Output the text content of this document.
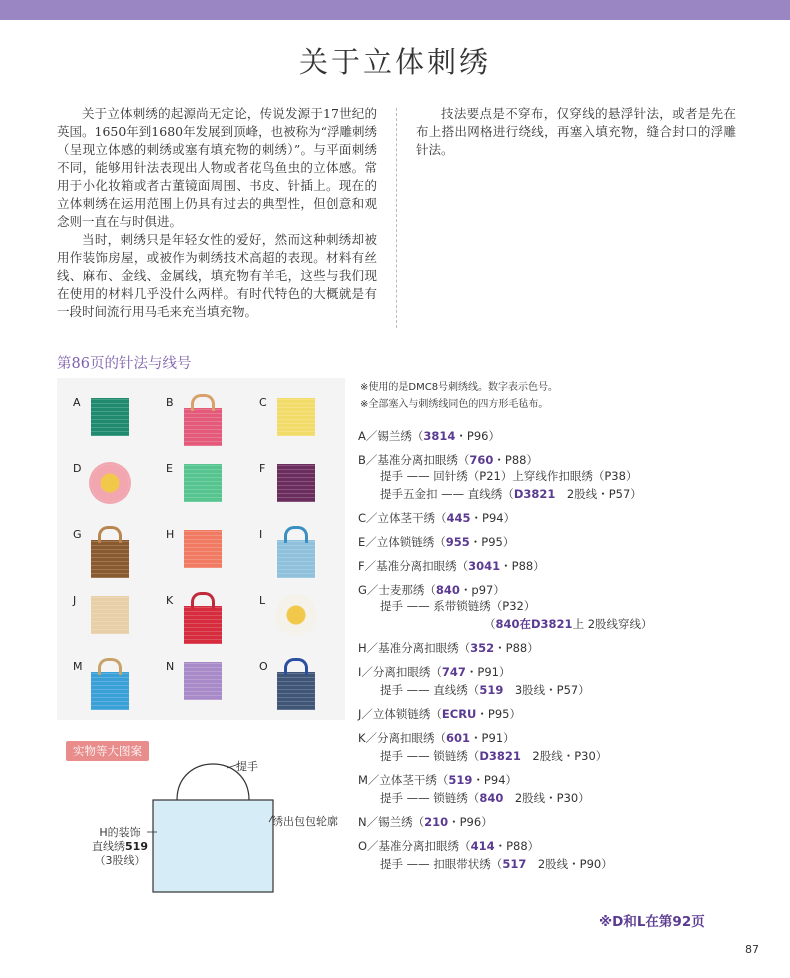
关于立体刺绣

关于立体刺绣的起源尚无定论，传说发源于17世纪的英国。1650年到1680年发展到顶峰，也被称为“浮雕刺绣（呈现立体感的刺绣或塞有填充物的刺绣）”。与平面刺绣不同，能够用针法表现出人物或者花鸟鱼虫的立体感。常用于小化妆箱或者古董镜面周围、书皮、针插上。现在的立体刺绣在运用范围上仍具有过去的典型性，但创意和观念则一直在与时俱进。

当时，刺绣只是年轻女性的爱好，然而这种刺绣却被用作装饰房屋，或被作为刺绣技术高超的表现。材料有丝线、麻布、金线、金属线，填充物有羊毛，这些与我们现在使用的材料几乎没什么两样。有时代特色的大概就是有一段时间流行用马毛来充当填充物。

技法要点是不穿布，仅穿线的悬浮针法，或者是先在布上搭出网格进行绕线，再塞入填充物，缝合封口的浮雕针法。

第86页的针法与线号
A	B	C
D	E	F
G	H	I
J	K	L
M	N	O
※使用的是DMC8号刺绣线。数字表示色号。
※全部塞入与刺绣线同色的四方形毛毡布。
A／锡兰绣（3814・P96）
B／基准分离扣眼绣（760・P88）
提手 —— 回针绣（P21）上穿线作扣眼绣（P38）
提手五金扣 —— 直线绣（D3821　2股线・P57）
C／立体茎干绣（445・P94）
E／立体锁链绣（955・P95）
F／基准分离扣眼绣（3041・P88）
G／士麦那绣（840・p97）
提手 —— 系带锁链绣（P32）
（840在D3821上 2股线穿线）
H／基准分离扣眼绣（352・P88）
I／分离扣眼绣（747・P91）
提手 —— 直线绣（519　3股线・P57）
J／立体锁链绣（ECRU・P95）
K／分离扣眼绣（601・P91）
提手 —— 锁链绣（D3821　2股线・P30）
M／立体茎干绣（519・P94）
提手 —— 锁链绣（840　2股线・P30）
N／锡兰绣（210・P96）
O／基准分离扣眼绣（414・P88）
提手 —— 扣眼带状绣（517　2股线・P90）
实物等大图案
提手
绣出包包轮廓
H的装饰
直线绣519
（3股线）
※D和L在第92页
87
